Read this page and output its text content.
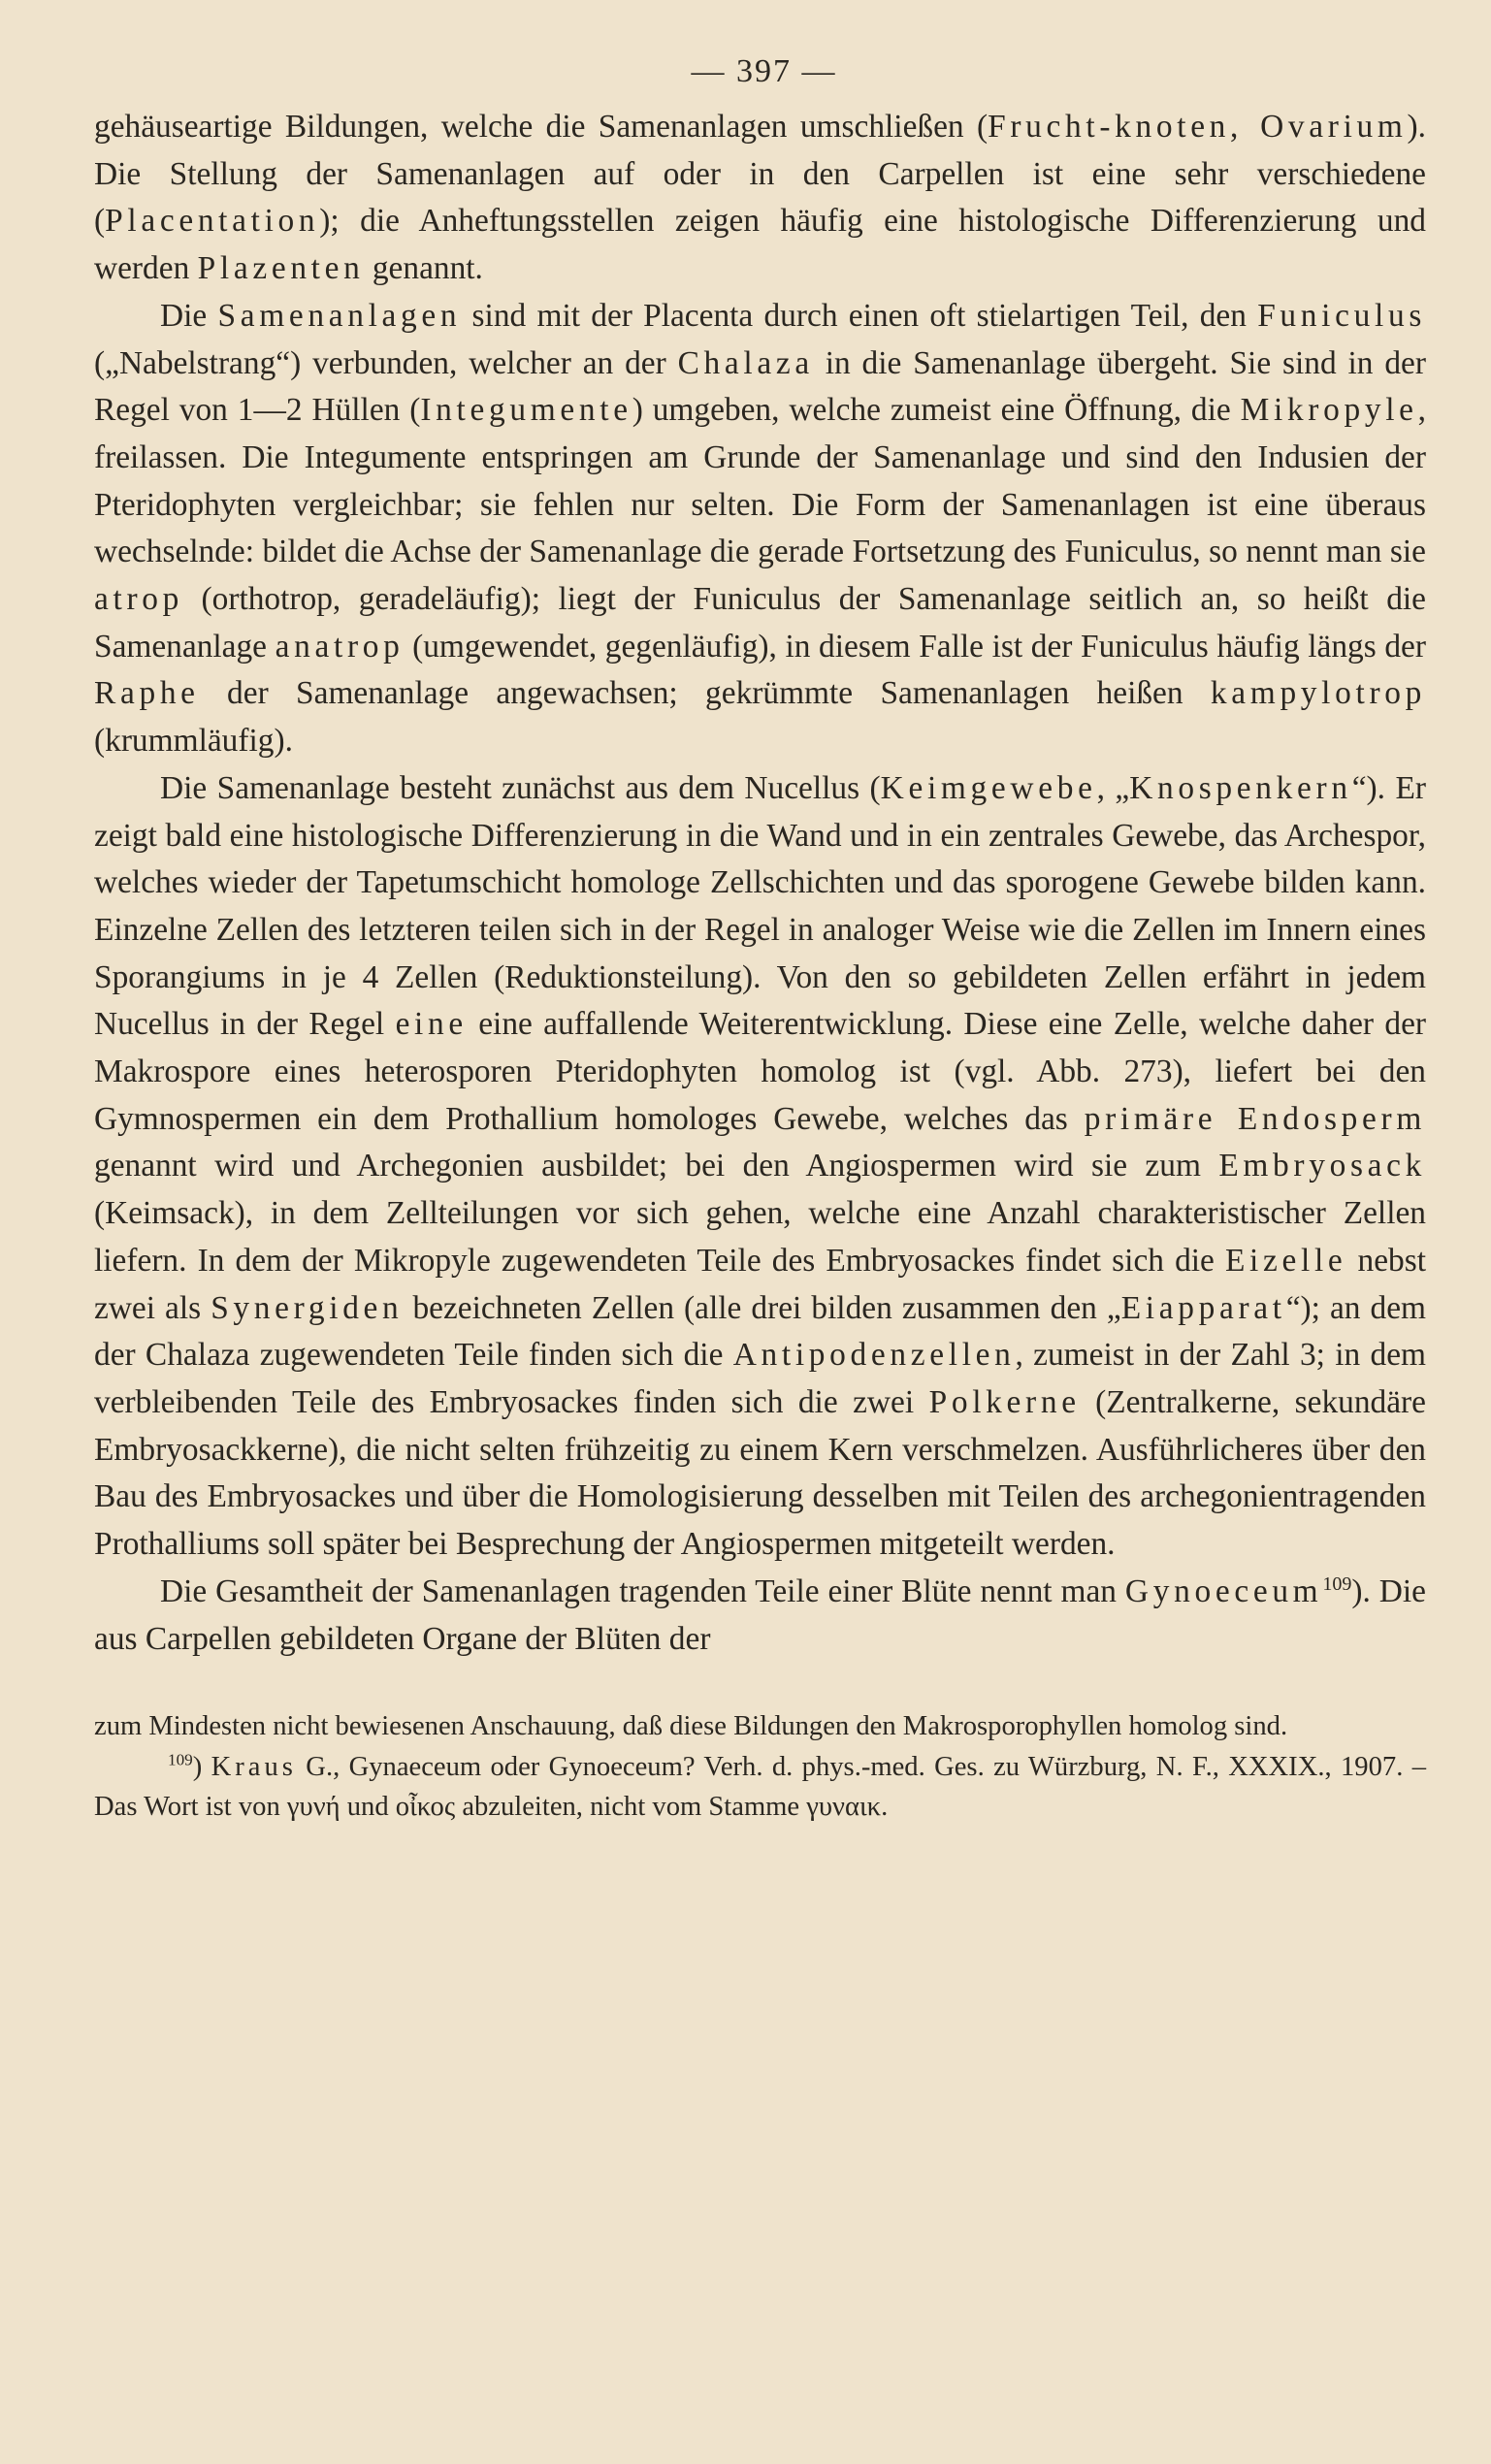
— 397 —

gehäuseartige Bildungen, welche die Samenanlagen umschließen (Frucht-knoten, Ovarium). Die Stellung der Samenanlagen auf oder in den Carpellen ist eine sehr verschiedene (Placentation); die Anheftungsstellen zeigen häufig eine histologische Differenzierung und werden Plazenten genannt.

Die Samenanlagen sind mit der Placenta durch einen oft stielartigen Teil, den Funiculus („Nabelstrang“) verbunden, welcher an der Chalaza in die Samenanlage übergeht. Sie sind in der Regel von 1—2 Hüllen (Integumente) umgeben, welche zumeist eine Öffnung, die Mikropyle, freilassen. Die Integumente entspringen am Grunde der Samenanlage und sind den Indusien der Pteridophyten vergleichbar; sie fehlen nur selten. Die Form der Samenanlagen ist eine überaus wechselnde: bildet die Achse der Samenanlage die gerade Fortsetzung des Funiculus, so nennt man sie atrop (orthotrop, geradeläufig); liegt der Funiculus der Samenanlage seitlich an, so heißt die Samenanlage anatrop (umgewendet, gegenläufig), in diesem Falle ist der Funiculus häufig längs der Raphe der Samenanlage angewachsen; gekrümmte Samenanlagen heißen kampylotrop (krummläufig).

Die Samenanlage besteht zunächst aus dem Nucellus (Keimgewebe, „Knospenkern“). Er zeigt bald eine histologische Differenzierung in die Wand und in ein zentrales Gewebe, das Archespor, welches wieder der Tapetumschicht homologe Zellschichten und das sporogene Gewebe bilden kann. Einzelne Zellen des letzteren teilen sich in der Regel in analoger Weise wie die Zellen im Innern eines Sporangiums in je 4 Zellen (Reduktionsteilung). Von den so gebildeten Zellen erfährt in jedem Nucellus in der Regel eine eine auffallende Weiterentwicklung. Diese eine Zelle, welche daher der Makrospore eines heterosporen Pteridophyten homolog ist (vgl. Abb. 273), liefert bei den Gymnospermen ein dem Prothallium homologes Gewebe, welches das primäre Endosperm genannt wird und Archegonien ausbildet; bei den Angiospermen wird sie zum Embryosack (Keimsack), in dem Zellteilungen vor sich gehen, welche eine Anzahl charakteristischer Zellen liefern. In dem der Mikropyle zugewendeten Teile des Embryosackes findet sich die Eizelle nebst zwei als Synergiden bezeichneten Zellen (alle drei bilden zusammen den „Eiapparat“); an dem der Chalaza zugewendeten Teile finden sich die Antipodenzellen, zumeist in der Zahl 3; in dem verbleibenden Teile des Embryosackes finden sich die zwei Polkerne (Zentralkerne, sekundäre Embryosackkerne), die nicht selten frühzeitig zu einem Kern verschmelzen. Ausführlicheres über den Bau des Embryosackes und über die Homologisierung desselben mit Teilen des archegonientragenden Prothalliums soll später bei Besprechung der Angiospermen mitgeteilt werden.

Die Gesamtheit der Samenanlagen tragenden Teile einer Blüte nennt man Gynoeceum$^{109}$). Die aus Carpellen gebildeten Organe der Blüten der

zum Mindesten nicht bewiesenen Anschauung, daß diese Bildungen den Makrosporophyllen homolog sind.

$^{109}$) Kraus G., Gynaeceum oder Gynoeceum? Verh. d. phys.-med. Ges. zu Würzburg, N. F., XXXIX., 1907. – Das Wort ist von γυνή und οἶκος abzuleiten, nicht vom Stamme γυναικ.
